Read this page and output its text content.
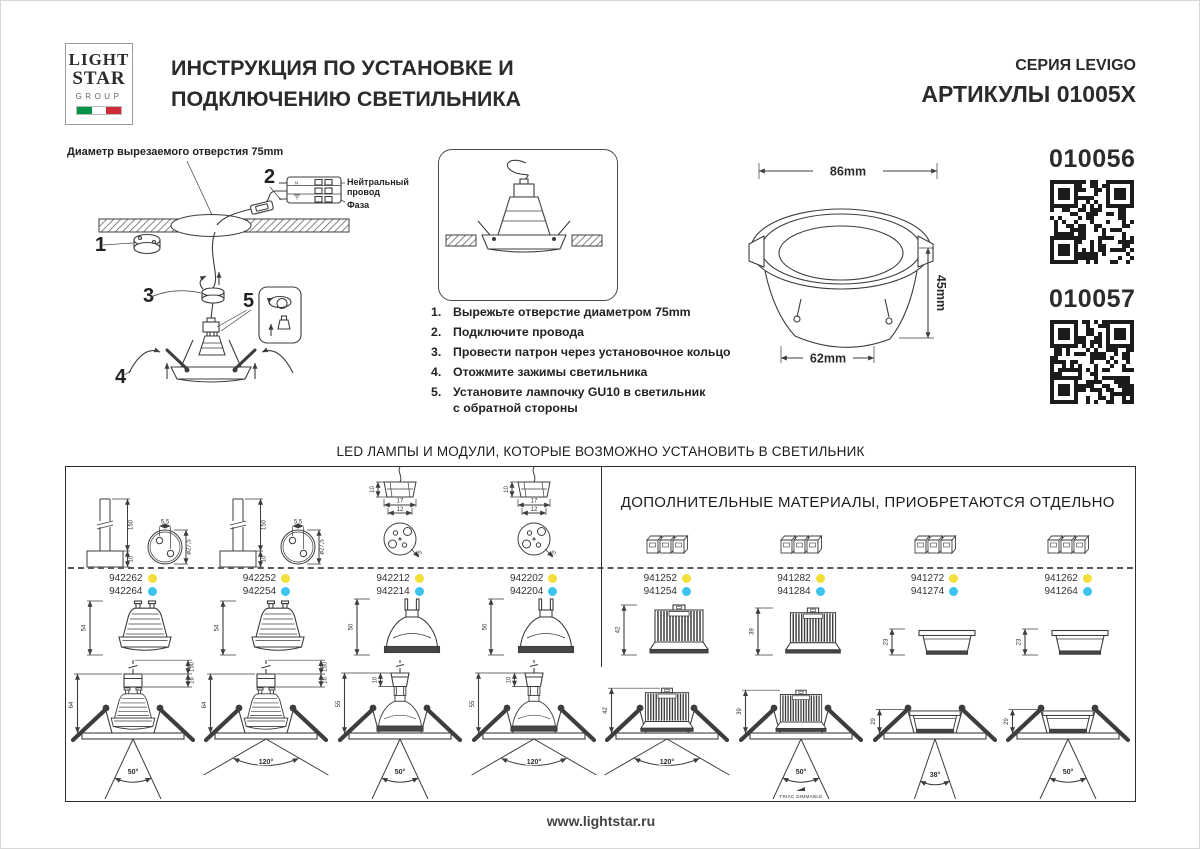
LIGHT
STAR
GROUP
ИНСТРУКЦИЯ ПО УСТАНОВКЕ И
ПОДКЛЮЧЕНИЮ СВЕТИЛЬНИКА
СЕРИЯ LEVIGO
АРТИКУЛЫ 01005X
Диаметр вырезаемого отверстия 75mm
N	Нейтральный
провод
Фаза
2
1
3
4
5	1. Вырежьте отверстие диаметром 75mm
2. Подключите провода
3. Провести патрон через установочное кольцо
4. Отожмите зажимы светильника
5. Установите лампочку GU10 в светильник
с обратной стороны
86mm
45mm
62mm
010056
010057
LED ЛАМПЫ И МОДУЛИ, КОТОРЫЕ ВОЗМОЖНО УСТАНОВИТЬ В СВЕТИЛЬНИК
ДОПОЛНИТЕЛЬНЫЕ МАТЕРИАЛЫ, ПРИОБРЕТАЮТСЯ ОТДЕЛЬНО
150
10
5,5
ø27,5
942262
942264
54
64
150
16
50°
150
10
5,5
ø27,5
942252
942254
54
64
150
16
120°
10
17
12
ø5
942212
942214
50
55
10
50°
10
17
12
ø5
942202
942204
50
55
10
120°
941252
941254
42
42
120°
941282
941284
39
39
50°
TRIAC DIMMABLE
941272
941274
23
29
38°
941262
941264
23
29
50°
www.lightstar.ru
